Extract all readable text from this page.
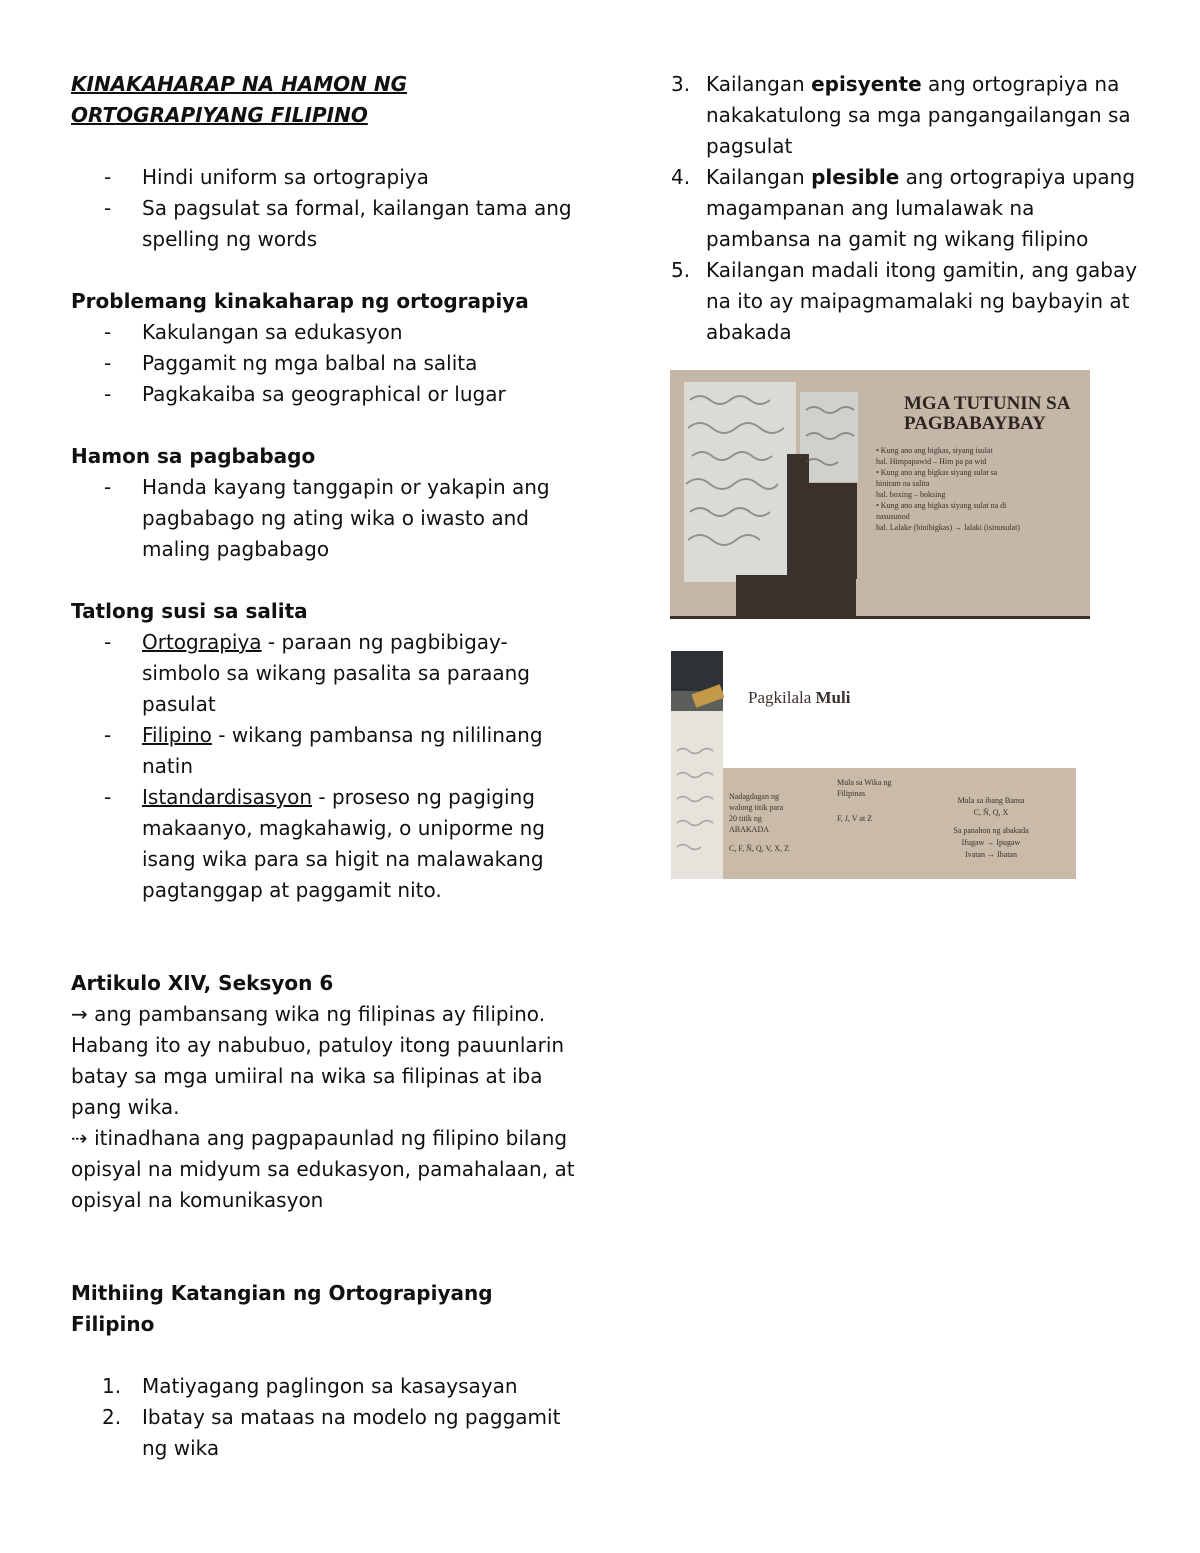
KINAKAHARAP NA HAMON NG

ORTOGRAPIYANG FILIPINO

- Hindi uniform sa ortograpiya
- Sa pagsulat sa formal, kailangan tama ang spelling ng words

Problemang kinakaharap ng ortograpiya

- Kakulangan sa edukasyon
- Paggamit ng mga balbal na salita
- Pagkakaiba sa geographical or lugar

Hamon sa pagbabago

- Handa kayang tanggapin or yakapin ang pagbabago ng ating wika o iwasto and maling pagbabago

Tatlong susi sa salita

- Ortograpiya - paraan ng pagbibigay-simbolo sa wikang pasalita sa paraang pasulat
- Filipino - wikang pambansa ng nililinang natin
- Istandardisasyon - proseso ng pagiging makaanyo, magkahawig, o uniporme ng isang wika para sa higit na malawakang pagtanggap at paggamit nito.

Artikulo XIV, Seksyon 6

→ ang pambansang wika ng filipinas ay filipino. Habang ito ay nabubuo, patuloy itong pauunlarin batay sa mga umiiral na wika sa filipinas at iba pang wika.

⇢ itinadhana ang pagpapaunlad ng filipino bilang opisyal na midyum sa edukasyon, pamahalaan, at opisyal na komunikasyon

Mithiing Katangian ng Ortograpiyang Filipino

1. Matiyagang paglingon sa kasaysayan
2. Ibatay sa mataas na modelo ng paggamit ng wika
3. Kailangan episyente ang ortograpiya na nakakatulong sa mga pangangailangan sa pagsulat
4. Kailangan plesible ang ortograpiya upang magampanan ang lumalawak na pambansa na gamit ng wikang filipino
5. Kailangan madali itong gamitin, ang gabay na ito ay maipagmamalaki ng baybayin at abakada
MGA TUTUNIN SA PAGBABAYBAY
• Kung ano ang bigkas, siyang isulat
hal. Himpapawid – Him pa pa wid
• Kung ano ang bigkas siyang sulat sa
hiniram na salita
hal. boxing – boksing
• Kung ano ang bigkas siyang sulat na di
nasusunod
hal. Lalake (binibigkas) → lalaki (isinusulat)
Pagkilala Muli
Nadagdagan ng
walong titik para
20 titik ng
ABAKADA
C, F, Ñ, Q, V, X, Z
Mula sa Wika ng
Filipinas
F, J, V at Z
Mula sa ibang Bansa
C, Ñ, Q, X
Sa panahon ng abakada
Ifugaw → Ipugaw
Ivatan → Ibatan
